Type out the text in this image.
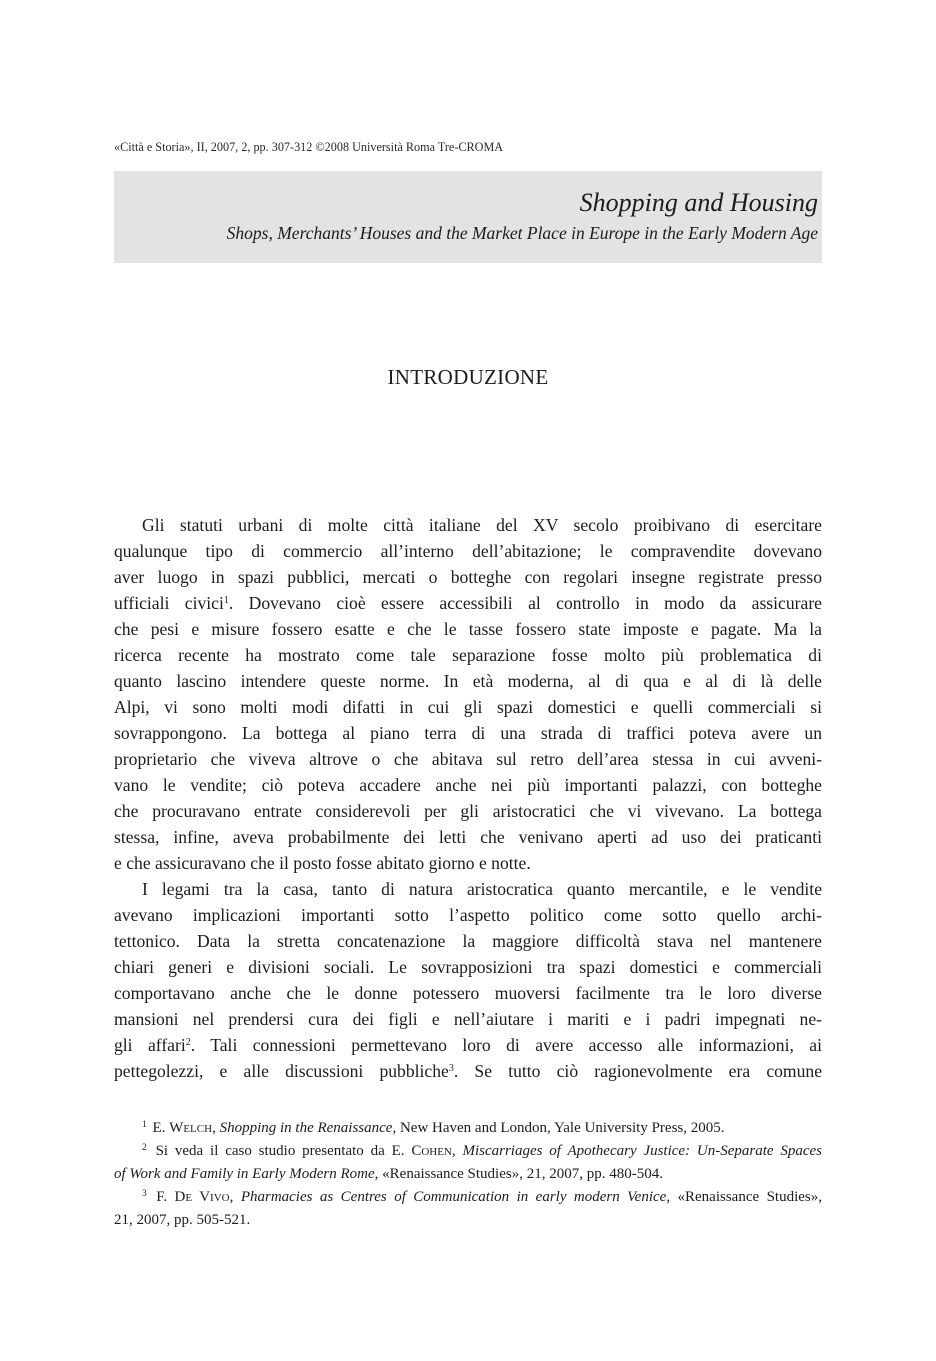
«Città e Storia», II, 2007, 2, pp. 307-312 ©2008 Università Roma Tre-CROMA
Shopping and Housing
Shops, Merchants’ Houses and the Market Place in Europe in the Early Modern Age
INTRODUZIONE
Gli statuti urbani di molte città italiane del XV secolo proibivano di esercitare
qualunque tipo di commercio all’interno dell’abitazione; le compravendite dovevano
aver luogo in spazi pubblici, mercati o botteghe con regolari insegne registrate presso
ufficiali civici$^1$. Dovevano cioè essere accessibili al controllo in modo da assicurare
che pesi e misure fossero esatte e che le tasse fossero state imposte e pagate. Ma la
ricerca recente ha mostrato come tale separazione fosse molto più problematica di
quanto lascino intendere queste norme. In età moderna, al di qua e al di là delle
Alpi, vi sono molti modi difatti in cui gli spazi domestici e quelli commerciali si
sovrappongono. La bottega al piano terra di una strada di traffici poteva avere un
proprietario che viveva altrove o che abitava sul retro dell’area stessa in cui avveni-
vano le vendite; ciò poteva accadere anche nei più importanti palazzi, con botteghe
che procuravano entrate considerevoli per gli aristocratici che vi vivevano. La bottega
stessa, infine, aveva probabilmente dei letti che venivano aperti ad uso dei praticanti
e che assicuravano che il posto fosse abitato giorno e notte.
I legami tra la casa, tanto di natura aristocratica quanto mercantile, e le vendite
avevano implicazioni importanti sotto l’aspetto politico come sotto quello archi-
tettonico. Data la stretta concatenazione la maggiore difficoltà stava nel mantenere
chiari generi e divisioni sociali. Le sovrapposizioni tra spazi domestici e commerciali
comportavano anche che le donne potessero muoversi facilmente tra le loro diverse
mansioni nel prendersi cura dei figli e nell’aiutare i mariti e i padri impegnati ne-
gli affari$^2$. Tali connessioni permettevano loro di avere accesso alle informazioni, ai
pettegolezzi, e alle discussioni pubbliche$^3$. Se tutto ciò ragionevolmente era comune
$^1$ E. Welch, Shopping in the Renaissance, New Haven and London, Yale University Press, 2005.
$^2$ Si veda il caso studio presentato da E. Cohen, Miscarriages of Apothecary Justice: Un-Separate Spaces
of Work and Family in Early Modern Rome, «Renaissance Studies», 21, 2007, pp. 480-504.
$^3$ F. De Vivo, Pharmacies as Centres of Communication in early modern Venice, «Renaissance Studies»,
21, 2007, pp. 505-521.
